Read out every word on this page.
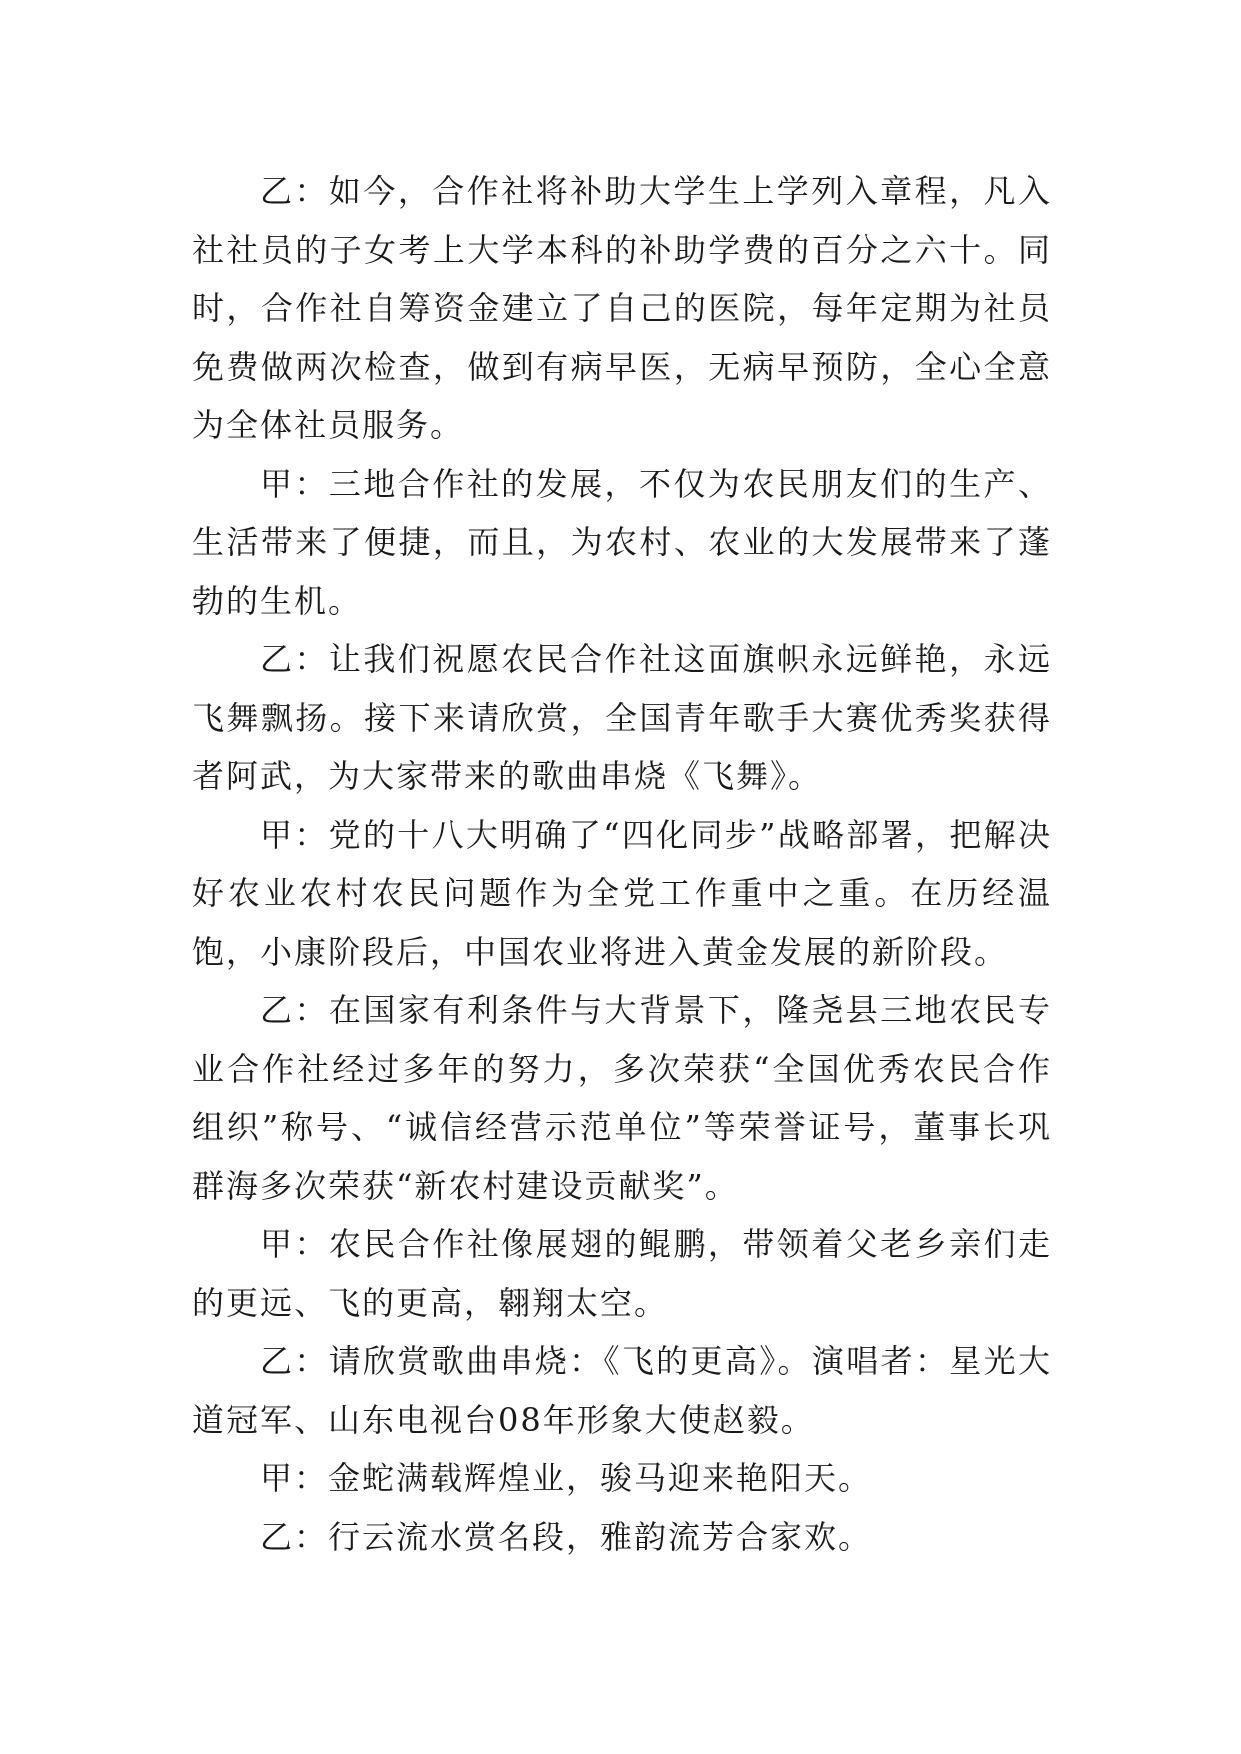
乙：如今，合作社将补助大学生上学列入章程，凡入社社员的子女考上大学本科的补助学费的百分之六十。同时，合作社自筹资金建立了自己的医院，每年定期为社员免费做两次检查，做到有病早医，无病早预防，全心全意为全体社员服务。

甲：三地合作社的发展，不仅为农民朋友们的生产、生活带来了便捷，而且，为农村、农业的大发展带来了蓬勃的生机。

乙：让我们祝愿农民合作社这面旗帜永远鲜艳，永远飞舞飘扬。接下来请欣赏，全国青年歌手大赛优秀奖获得者阿武，为大家带来的歌曲串烧《飞舞》。

甲：党的十八大明确了“四化同步”战略部署，把解决好农业农村农民问题作为全党工作重中之重。在历经温饱，小康阶段后，中国农业将进入黄金发展的新阶段。

乙：在国家有利条件与大背景下，隆尧县三地农民专业合作社经过多年的努力，多次荣获“全国优秀农民合作组织”称号、“诚信经营示范单位”等荣誉证号，董事长巩群海多次荣获“新农村建设贡献奖”。

甲：农民合作社像展翅的鲲鹏，带领着父老乡亲们走的更远、飞的更高，翱翔太空。

乙：请欣赏歌曲串烧：《飞的更高》。演唱者：星光大道冠军、山东电视台08年形象大使赵毅。

甲：金蛇满载辉煌业，骏马迎来艳阳天。

乙：行云流水赏名段，雅韵流芳合家欢。
